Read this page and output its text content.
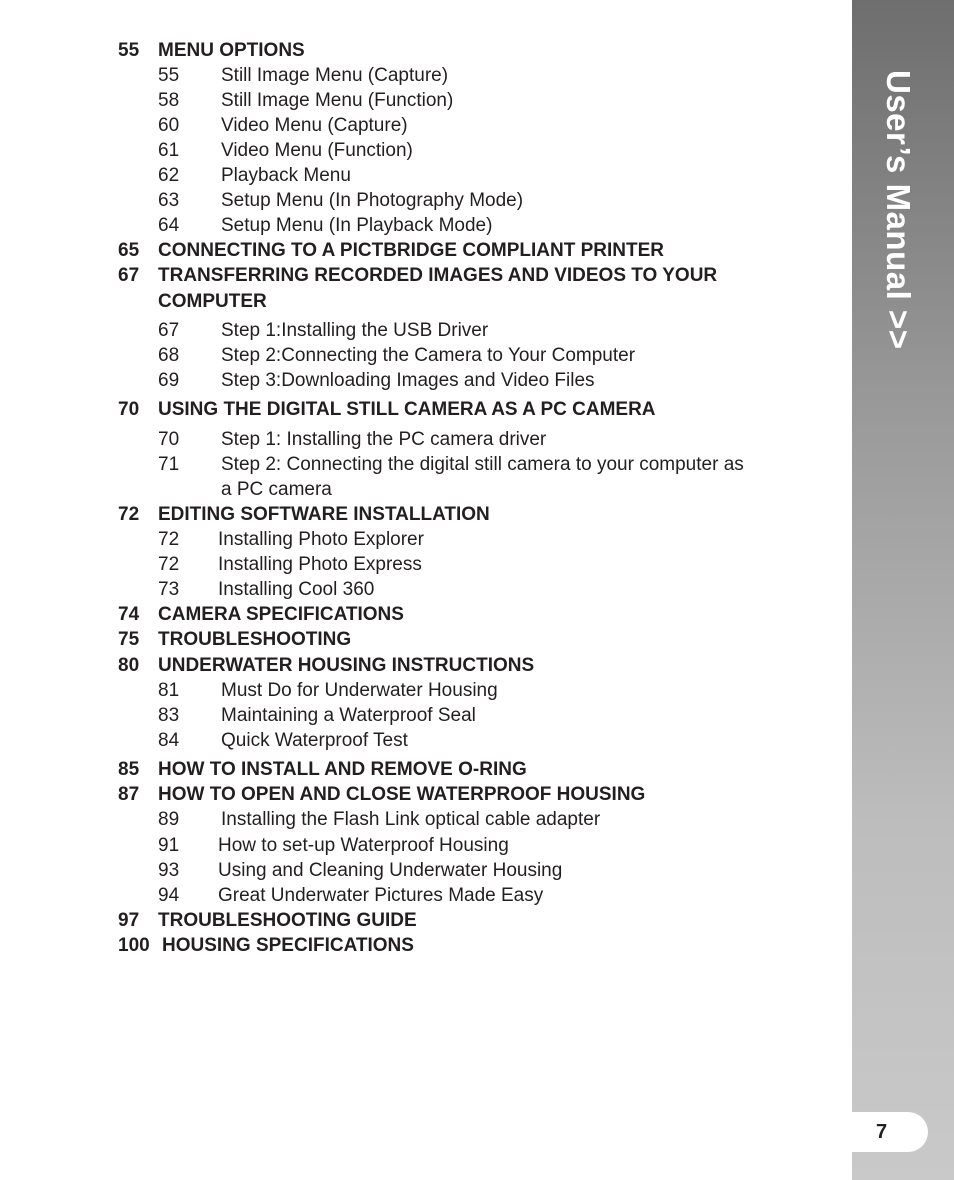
55 MENU OPTIONS
55 Still Image Menu (Capture)
58 Still Image Menu (Function)
60 Video Menu (Capture)
61 Video Menu (Function)
62 Playback Menu
63 Setup Menu (In Photography Mode)
64 Setup Menu (In Playback Mode)
65 CONNECTING TO A PICTBRIDGE COMPLIANT PRINTER
67 TRANSFERRING RECORDED IMAGES AND VIDEOS TO YOUR
COMPUTER
67 Step 1:Installing the USB Driver
68 Step 2:Connecting the Camera to Your Computer
69 Step 3:Downloading Images and Video Files
70 USING THE DIGITAL STILL CAMERA AS A PC CAMERA
70 Step 1: Installing the PC camera driver
71 Step 2: Connecting the digital still camera to your computer as
a PC camera
72 EDITING SOFTWARE INSTALLATION
72 Installing Photo Explorer
72 Installing Photo Express
73 Installing Cool 360
74 CAMERA SPECIFICATIONS
75 TROUBLESHOOTING
80 UNDERWATER HOUSING INSTRUCTIONS
81 Must Do for Underwater Housing
83 Maintaining a Waterproof Seal
84 Quick Waterproof Test
85 HOW TO INSTALL AND REMOVE O-RING
87 HOW TO OPEN AND CLOSE WATERPROOF HOUSING
89 Installing the Flash Link optical cable adapter
91 How to set-up Waterproof Housing
93 Using and Cleaning Underwater Housing
94 Great Underwater Pictures Made Easy
97 TROUBLESHOOTING GUIDE
100 HOUSING SPECIFICATIONS
User’s Manual >>
7
